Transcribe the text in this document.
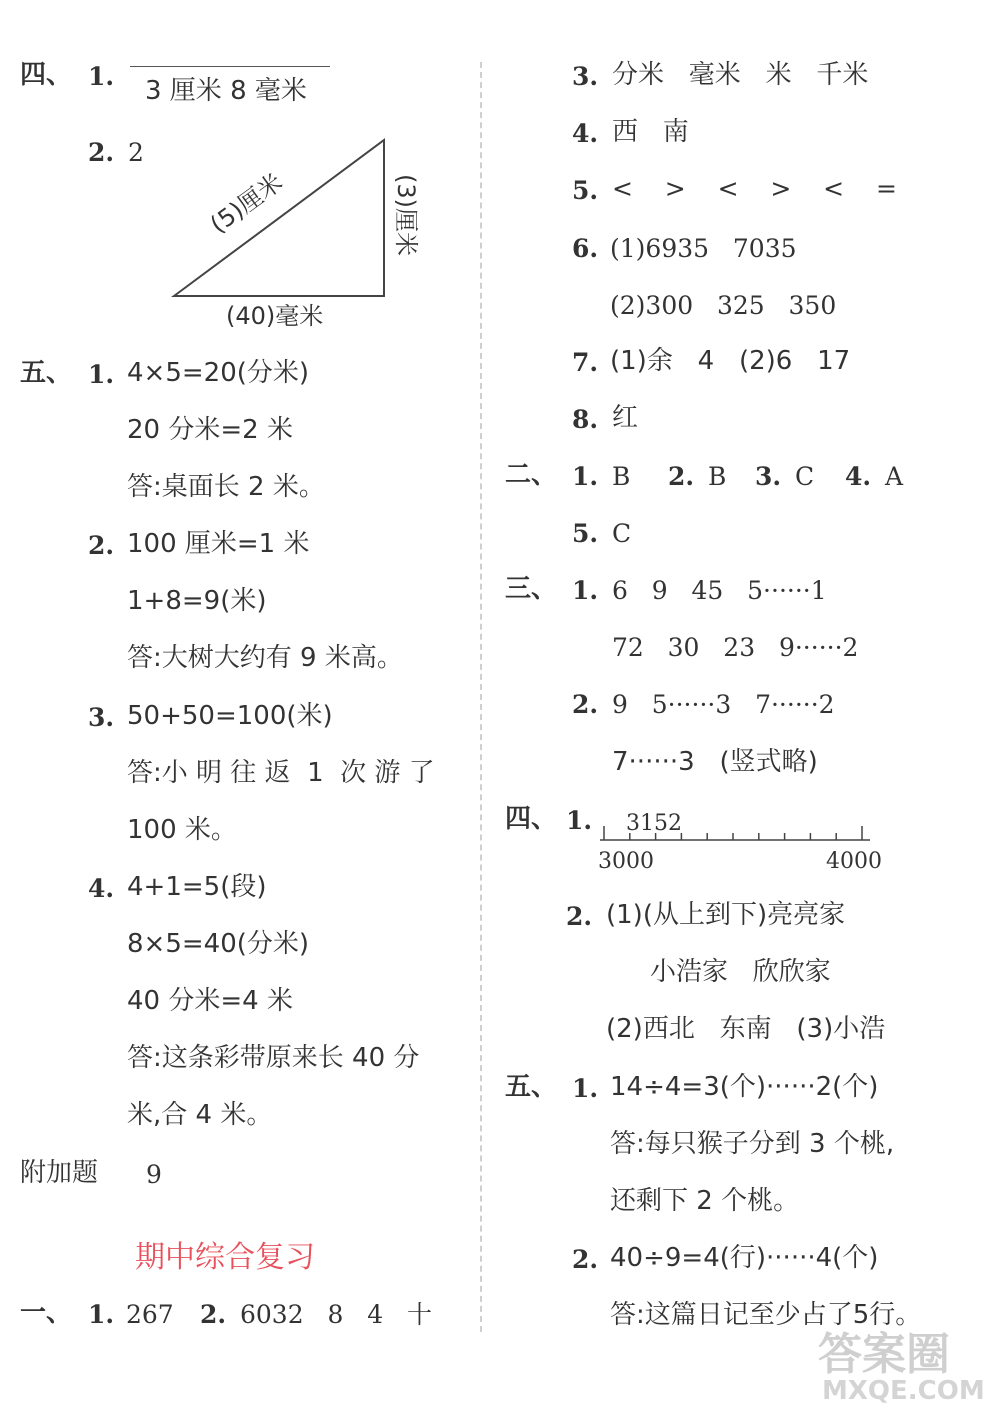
四、 1. 3 厘米 8 毫米
2. 2
(5)厘米	(3)厘米
(40)毫米
五、 1. 4×5=20(分米)
20 分米=2 米
答:桌面长 2 米。
2. 100 厘米=1 米
1+8=9(米)
答:大树大约有 9 米高。
3. 50+50=100(米)
答:小 明 往 返  1  次 游 了
100 米。
4. 4+1=5(段)
8×5=40(分米)
40 分米=4 米
答:这条彩带原来长 40 分
米,合 4 米。
附加题 9
期中综合复习
一、 1. 267 2. 6032   8   4   十
3. 分米   毫米   米   千米
4. 西   南
5. <   >   <   >   <   =
6. (1)6935   7035
(2)300   325   350
7. (1)余   4   (2)6   17
8. 红
二、 1. B 2. B 3. C 4. A
5. C
三、 1. 6   9   45   5······1
72   30   23   9······2
2. 9   5······3   7······2
7······3   (竖式略)
四、 1. 3152
3000	4000
2. (1)(从上到下)亮亮家
小浩家   欣欣家
(2)西北   东南   (3)小浩
五、 1. 14÷4=3(个)······2(个)
答:每只猴子分到 3 个桃,
还剩下 2 个桃。
2. 40÷9=4(行)······4(个)
答:这篇日记至少占了5行。
答案圈
MXQE.COM
